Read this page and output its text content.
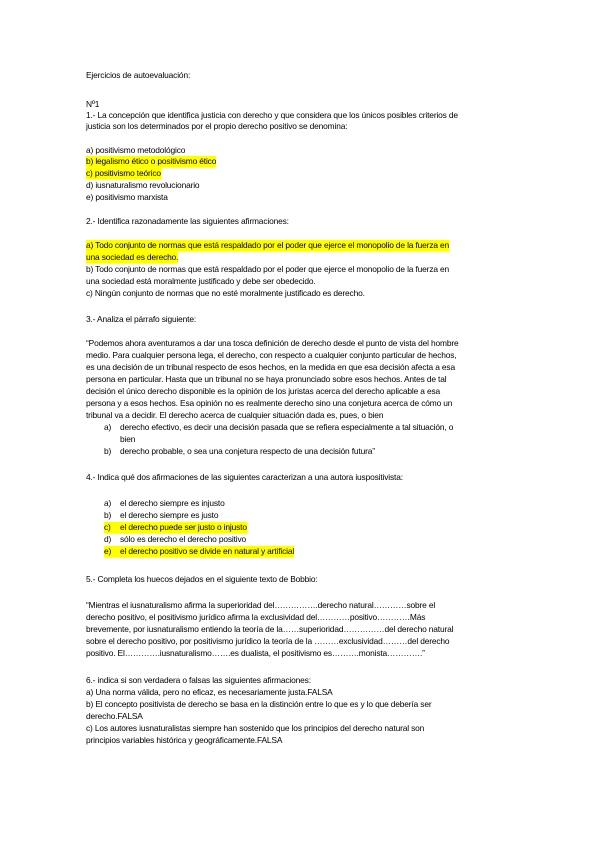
Ejercicios de autoevaluación:
Nº1
1.- La concepción que identifica justicia con derecho y que considera que los únicos posibles criterios de
justicia son los determinados por el propio derecho positivo se denomina:
a) positivismo metodológico
b) legalismo ético o positivismo ético
c) positivismo teórico
d) iusnaturalismo revolucionario
e) positivismo marxista
2.- Identifica razonadamente las siguientes afirmaciones:
a) Todo conjunto de normas que está respaldado por el poder que ejerce el monopolio de la fuerza en
una sociedad es derecho.
b) Todo conjunto de normas que está respaldado por el poder que ejerce el monopolio de la fuerza en
una sociedad está moralmente justificado y debe ser obedecido.
c) Ningún conjunto de normas que no esté moralmente justificado es derecho.
3.- Analiza el párrafo siguiente:
“Podemos ahora aventuramos a dar una tosca definición de derecho desde el punto de vista del hombre
medio. Para cualquier persona lega, el derecho, con respecto a cualquier conjunto particular de hechos,
es una decisión de un tribunal respecto de esos hechos, en la medida en que esa decisión afecta a esa
persona en particular. Hasta que un tribunal no se haya pronunciado sobre esos hechos. Antes de tal
decisión el único derecho disponible es la opinión de los juristas acerca del derecho aplicable a esa
persona y a esos hechos. Esa opinión no es realmente derecho sino una conjetura acerca de cómo un
tribunal va a decidir. El derecho acerca de cualquier situación dada es, pues, o bien
a) derecho efectivo, es decir una decisión pasada que se refiera especialmente a tal situación, o
bien
b) derecho probable, o sea una conjetura respecto de una decisión futura”
4.- Indica qué dos afirmaciones de las siguientes caracterizan a una autora iuspositivista:
a) el derecho siempre es injusto
b) el derecho siempre es justo
c)	el derecho puede ser justo o injusto
d) sólo es derecho el derecho positivo
e)	el derecho positivo se divide en natural y artificial
5.- Completa los huecos dejados en el siguiente texto de Bobbio:
“Mientras el iusnaturalismo afirma la superioridad del…………….derecho natural…………sobre el
derecho positivo, el positivismo jurídico afirma la exclusividad del…………positivo…………Más
brevemente, por iusnaturalismo entiendo la teoría de la……superioridad……………del derecho natural
sobre el derecho positivo, por positivismo jurídico la teoría de la ………exclusividad………del derecho
positivo. El………….iusnaturalismo…….es dualista, el positivismo es……….monista………….”
6.- indica si son verdadera o falsas las siguientes afirmaciones:
a) Una norma válida, pero no eficaz, es necesariamente justa.FALSA
b) El concepto positivista de derecho se basa en la distinción entre lo que es y lo que debería ser
derecho.FALSA
c) Los autores iusnaturalistas siempre han sostenido que los principios del derecho natural son
principios variables histórica y geográficamente.FALSA
